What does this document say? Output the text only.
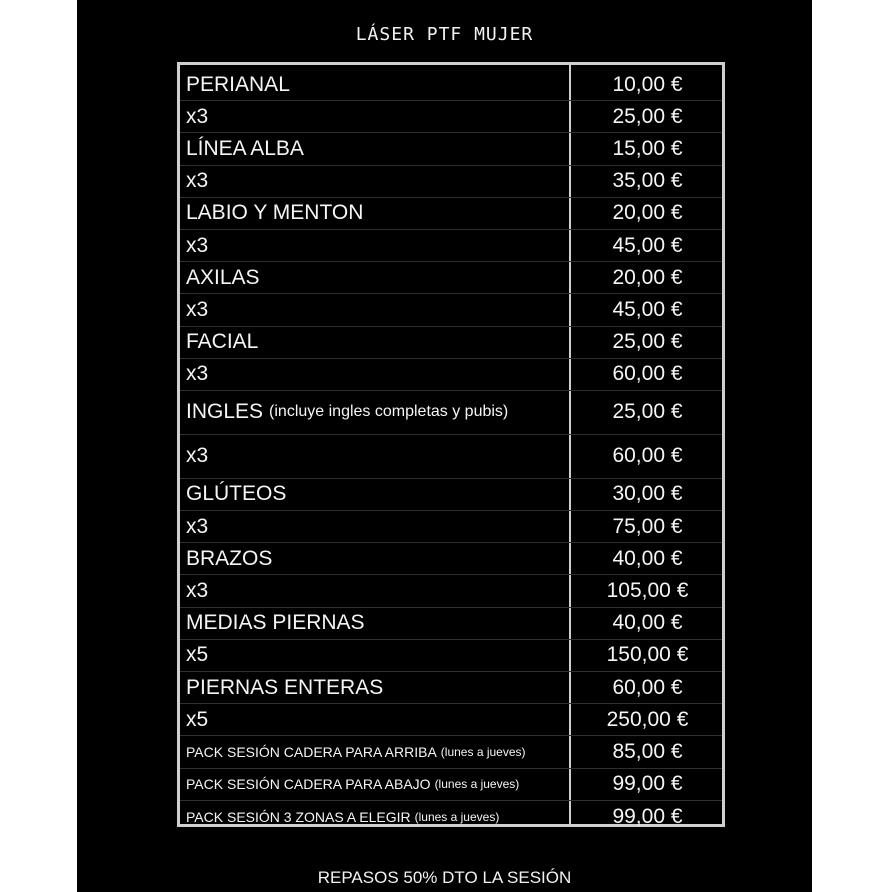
LÁSER PTF MUJER
PERIANAL	10,00 €
x3	25,00 €
LÍNEA ALBA	15,00 €
x3	35,00 €
LABIO Y MENTON	20,00 €
x3	45,00 €
AXILAS	20,00 €
x3	45,00 €
FACIAL	25,00 €
x3	60,00 €
INGLES (incluye ingles completas y pubis)	25,00 €
x3	60,00 €
GLÚTEOS	30,00 €
x3	75,00 €
BRAZOS	40,00 €
x3	105,00 €
MEDIAS PIERNAS	40,00 €
x5	150,00 €
PIERNAS ENTERAS	60,00 €
x5	250,00 €
PACK SESIÓN CADERA PARA ARRIBA (lunes a jueves)	85,00 €
PACK SESIÓN CADERA PARA ABAJO (lunes a jueves)	99,00 €
PACK SESIÓN 3 ZONAS A ELEGIR (lunes a jueves)	99,00 €
REPASOS 50% DTO LA SESIÓN
